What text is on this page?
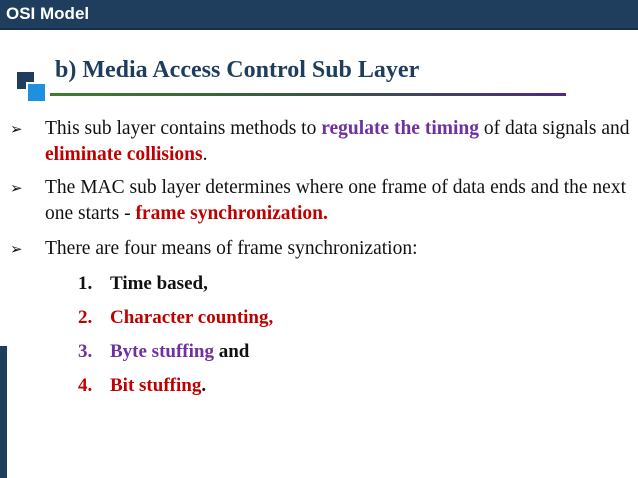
OSI Model
b) Media Access Control Sub Layer
➢	This sub layer contains methods to regulate the timing of data signals and eliminate collisions.
➢	The MAC sub layer determines where one frame of data ends and the next one starts - frame synchronization.
➢	There are four means of frame synchronization:
1. Time based,
2. Character counting,
3. Byte stuffing and
4. Bit stuffing.
